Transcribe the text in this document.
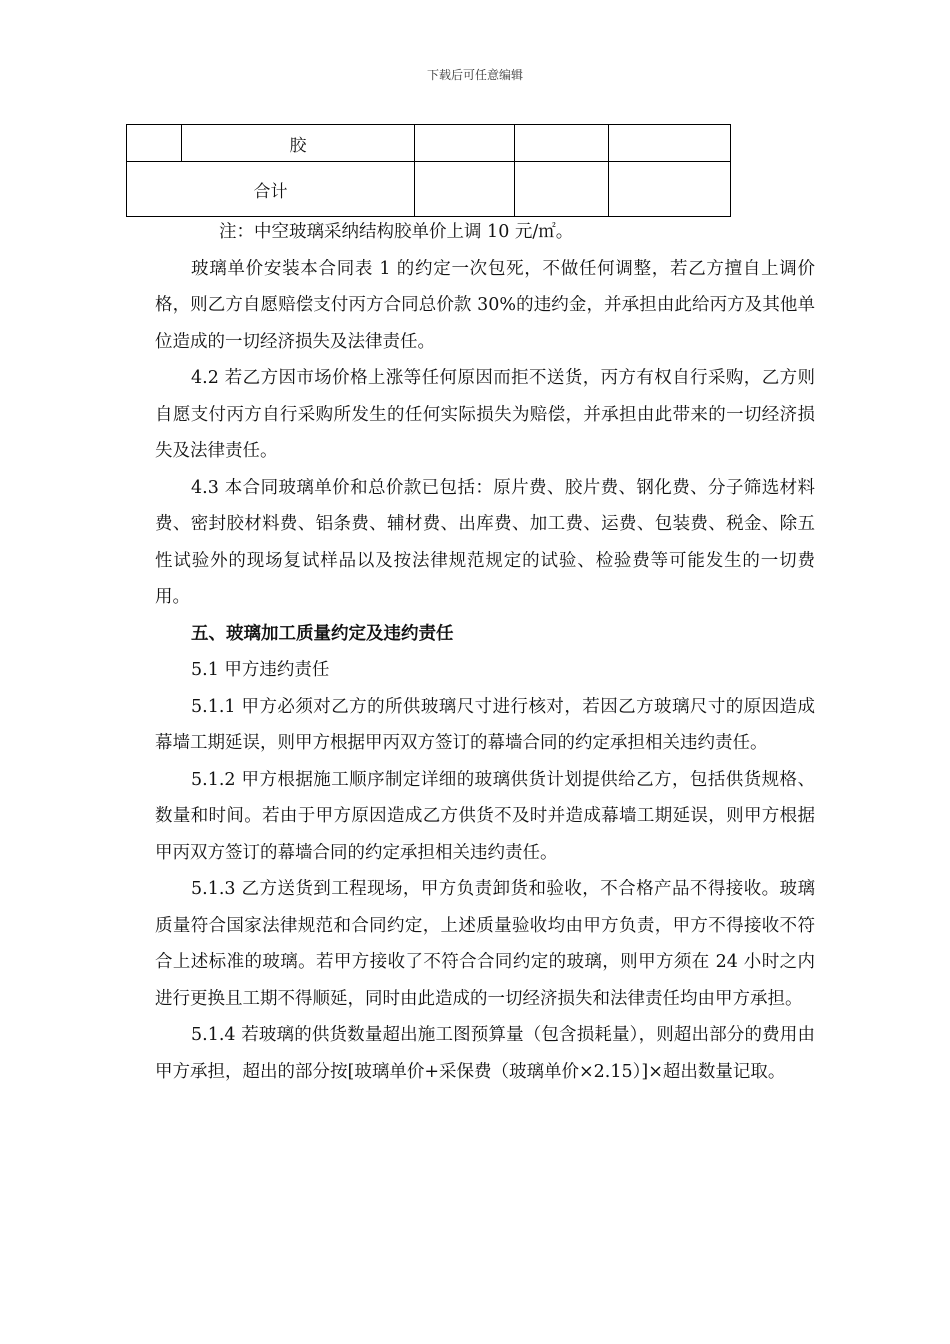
下载后可任意编辑
	胶			
合计				

注：中空玻璃采纳结构胶单价上调 10 元/㎡。

玻璃单价安装本合同表 1 的约定一次包死，不做任何调整，若乙方擅自上调价格，则乙方自愿赔偿支付丙方合同总价款 30%的违约金，并承担由此给丙方及其他单位造成的一切经济损失及法律责任。

4.2 若乙方因市场价格上涨等任何原因而拒不送货，丙方有权自行采购，乙方则自愿支付丙方自行采购所发生的任何实际损失为赔偿，并承担由此带来的一切经济损失及法律责任。

4.3 本合同玻璃单价和总价款已包括：原片费、胶片费、钢化费、分子筛选材料费、密封胶材料费、铝条费、辅材费、出库费、加工费、运费、包装费、税金、除五性试验外的现场复试样品以及按法律规范规定的试验、检验费等可能发生的一切费用。

五、玻璃加工质量约定及违约责任

5.1 甲方违约责任

5.1.1 甲方必须对乙方的所供玻璃尺寸进行核对，若因乙方玻璃尺寸的原因造成幕墙工期延误，则甲方根据甲丙双方签订的幕墙合同的约定承担相关违约责任。

5.1.2 甲方根据施工顺序制定详细的玻璃供货计划提供给乙方，包括供货规格、数量和时间。若由于甲方原因造成乙方供货不及时并造成幕墙工期延误，则甲方根据甲丙双方签订的幕墙合同的约定承担相关违约责任。

5.1.3 乙方送货到工程现场，甲方负责卸货和验收，不合格产品不得接收。玻璃质量符合国家法律规范和合同约定，上述质量验收均由甲方负责，甲方不得接收不符合上述标准的玻璃。若甲方接收了不符合合同约定的玻璃，则甲方须在 24 小时之内进行更换且工期不得顺延，同时由此造成的一切经济损失和法律责任均由甲方承担。

5.1.4 若玻璃的供货数量超出施工图预算量（包含损耗量），则超出部分的费用由甲方承担，超出的部分按[玻璃单价+采保费（玻璃单价×2.15）]×超出数量记取。
